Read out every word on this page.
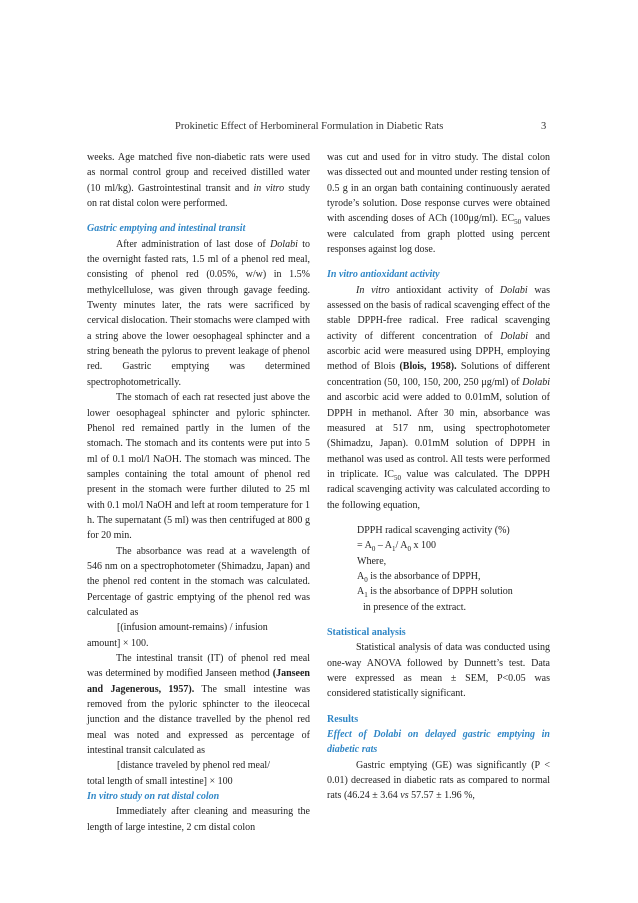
Prokinetic Effect of Herbomineral Formulation in Diabetic Rats	3

weeks. Age matched five non-diabetic rats were used as normal control group and received distilled water (10 ml/kg). Gastrointestinal transit and in vitro study on rat distal colon were performed.

Gastric emptying and intestinal transit

After administration of last dose of Dolabi to the overnight fasted rats, 1.5 ml of a phenol red meal, consisting of phenol red (0.05%, w/w) in 1.5% methylcellulose, was given through gavage feeding. Twenty minutes later, the rats were sacrificed by cervical dislocation. Their stomachs were clamped with a string above the lower oesophageal sphincter and a string beneath the pylorus to prevent leakage of phenol red. Gastric emptying was determined spectrophotometrically.

The stomach of each rat resected just above the lower oesophageal sphincter and pyloric sphincter. Phenol red remained partly in the lumen of the stomach. The stomach and its contents were put into 5 ml of 0.1 mol/l NaOH. The stomach was minced. The samples containing the total amount of phenol red present in the stomach were further diluted to 25 ml with 0.1 mol/l NaOH and left at room temperature for 1 h. The supernatant (5 ml) was then centrifuged at 800 g for 20 min.

The absorbance was read at a wavelength of 546 nm on a spectrophotometer (Shimadzu, Japan) and the phenol red content in the stomach was calculated. Percentage of gastric emptying of the phenol red was calculated as

[(infusion amount-remains) / infusion

amount] × 100.

The intestinal transit (IT) of phenol red meal was determined by modified Janseen method (Janseen and Jagenerous, 1957). The small intestine was removed from the pyloric sphincter to the ileocecal junction and the distance travelled by the phenol red meal was noted and expressed as percentage of intestinal transit calculated as

[distance traveled by phenol red meal/

total length of small intestine] × 100

In vitro study on rat distal colon

Immediately after cleaning and measuring the length of large intestine, 2 cm distal colon

was cut and used for in vitro study. The distal colon was dissected out and mounted under resting tension of 0.5 g in an organ bath containing continuously aerated tyrode’s solution. Dose response curves were obtained with ascending doses of ACh (100μg/ml). $EC_{50}$ values were calculated from graph plotted using percent responses against log dose.

In vitro antioxidant activity

In vitro antioxidant activity of Dolabi was assessed on the basis of radical scavenging effect of the stable DPPH-free radical. Free radical scavenging activity of different concentration of Dolabi and ascorbic acid were measured using DPPH, employing method of Blois (Blois, 1958). Solutions of different concentration (50, 100, 150, 200, 250 μg/ml) of Dolabi and ascorbic acid were added to 0.01mM, solution of DPPH in methanol. After 30 min, absorbance was measured at 517 nm, using spectrophotometer (Shimadzu, Japan). 0.01mM solution of DPPH in methanol was used as control. All tests were performed in triplicate. $IC_{50}$ value was calculated. The DPPH radical scavenging activity was calculated according to the following equation,

DPPH radical scavenging activity (%)

= $A_0 - A_1/$ $A_0$ x 100

Where,

$A_0$ is the absorbance of DPPH,

$A_1$ is the absorbance of DPPH solution

in presence of the extract.

Statistical analysis

Statistical analysis of data was conducted using one-way ANOVA followed by Dunnett’s test. Data were expressed as mean ± SEM, P<0.05 was considered statistically significant.

Results

Effect of Dolabi on delayed gastric emptying in diabetic rats

Gastric emptying (GE) was significantly (P < 0.01) decreased in diabetic rats as compared to normal rats (46.24 ± 3.64 vs 57.57 ± 1.96 %,
